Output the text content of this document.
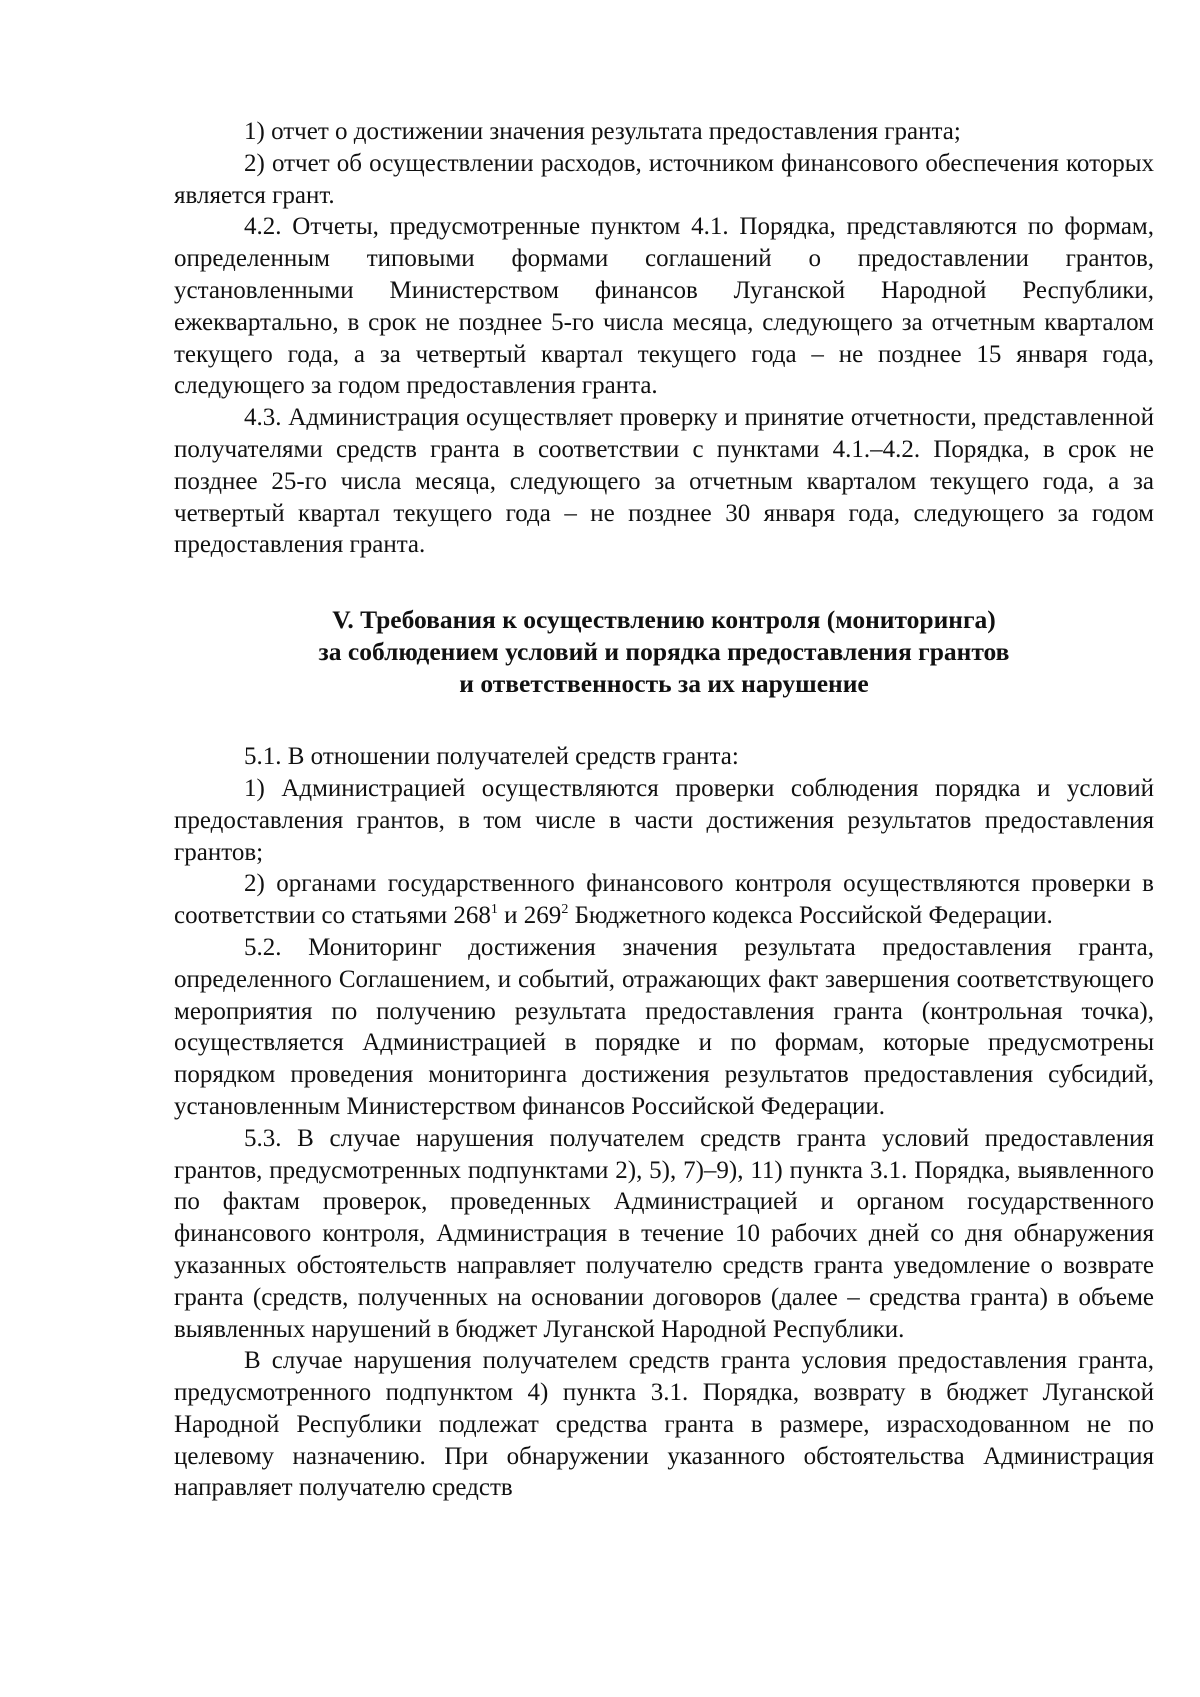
1) отчет о достижении значения результата предоставления гранта;

2) отчет об осуществлении расходов, источником финансового обеспечения которых является грант.

4.2. Отчеты, предусмотренные пунктом 4.1. Порядка, представляются по формам, определенным типовыми формами соглашений о предоставлении грантов, установленными Министерством финансов Луганской Народной Республики, ежеквартально, в срок не позднее 5-го числа месяца, следующего за отчетным кварталом текущего года, а за четвертый квартал текущего года – не позднее 15 января года, следующего за годом предоставления гранта.

4.3. Администрация осуществляет проверку и принятие отчетности, представленной получателями средств гранта в соответствии с пунктами 4.1.–4.2. Порядка, в срок не позднее 25-го числа месяца, следующего за отчетным кварталом текущего года, а за четвертый квартал текущего года – не позднее 30 января года, следующего за годом предоставления гранта.

V. Требования к осуществлению контроля (мониторинга)
за соблюдением условий и порядка предоставления грантов
и ответственность за их нарушение

5.1. В отношении получателей средств гранта:

1) Администрацией осуществляются проверки соблюдения порядка и условий предоставления грантов, в том числе в части достижения результатов предоставления грантов;

2) органами государственного финансового контроля осуществляются проверки в соответствии со статьями $268^1$ и $269^2$ Бюджетного кодекса Российской Федерации.

5.2. Мониторинг достижения значения результата предоставления гранта, определенного Соглашением, и событий, отражающих факт завершения соответствующего мероприятия по получению результата предоставления гранта (контрольная точка), осуществляется Администрацией в порядке и по формам, которые предусмотрены порядком проведения мониторинга достижения результатов предоставления субсидий, установленным Министерством финансов Российской Федерации.

5.3. В случае нарушения получателем средств гранта условий предоставления грантов, предусмотренных подпунктами 2), 5), 7)–9), 11) пункта 3.1. Порядка, выявленного по фактам проверок, проведенных Администрацией и органом государственного финансового контроля, Администрация в течение 10 рабочих дней со дня обнаружения указанных обстоятельств направляет получателю средств гранта уведомление о возврате гранта (средств, полученных на основании договоров (далее – средства гранта) в объеме выявленных нарушений в бюджет Луганской Народной Республики.

В случае нарушения получателем средств гранта условия предоставления гранта, предусмотренного подпунктом 4) пункта 3.1. Порядка, возврату в бюджет Луганской Народной Республики подлежат средства гранта в размере, израсходованном не по целевому назначению. При обнаружении указанного обстоятельства Администрация направляет получателю средств
